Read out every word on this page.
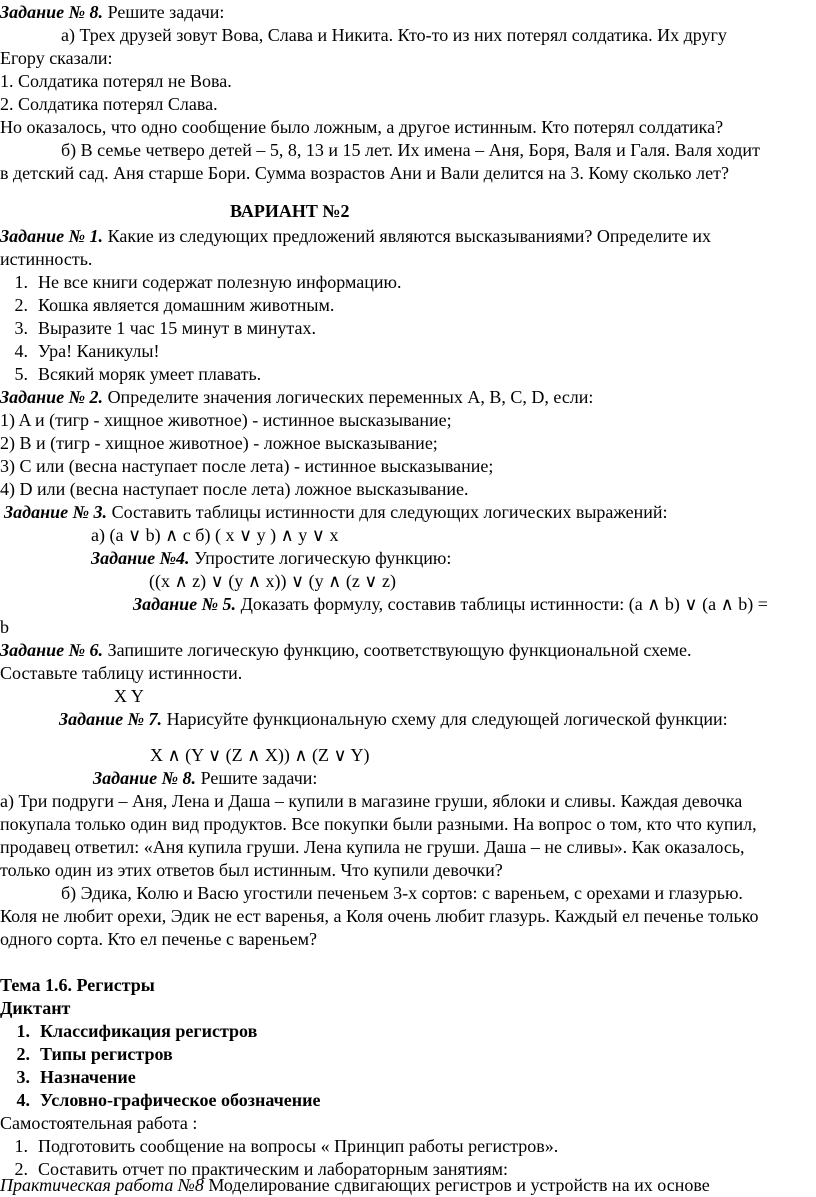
Задание № 8. Решите задачи:
а) Трех друзей зовут Вова, Слава и Никита. Кто-то из них потерял солдатика. Их другу
Егору сказали:
1. Солдатика потерял не Вова.
2. Солдатика потерял Слава.
Но оказалось, что одно сообщение было ложным, а другое истинным. Кто потерял солдатика?
б) В семье четверо детей – 5, 8, 13 и 15 лет. Их имена – Аня, Боря, Валя и Галя. Валя ходит
в детский сад. Аня старше Бори. Сумма возрастов Ани и Вали делится на 3. Кому сколько лет?
ВАРИАНТ №2
Задание № 1. Какие из следующих предложений являются высказываниями? Определите их
истинность.
1. Не все книги содержат полезную информацию.
2. Кошка является домашним животным.
3. Выразите 1 час 15 минут в минутах.
4. Ура! Каникулы!
5. Всякий моряк умеет плавать.
Задание № 2. Определите значения логических переменных A, B, C, D, если:
1) A и (тигр - хищное животное) - истинное высказывание;
2) B и (тигр - хищное животное) - ложное высказывание;
3) C или (весна наступает после лета) - истинное высказывание;
4) D или (весна наступает после лета) ложное высказывание.
Задание № 3. Составить таблицы истинности для следующих логических выражений:
а) (a ∨ b) ∧ c б) ( x ∨ y ) ∧ y ∨ x
Задание №4. Упростите логическую функцию:
((x ∧ z) ∨ (y ∧ x)) ∨ (y ∧ (z ∨ z)
Задание № 5. Доказать формулу, составив таблицы истинности: (a ∧ b) ∨ (a ∧ b) =
b
Задание № 6. Запишите логическую функцию, соответствующую функциональной схеме.
Составьте таблицу истинности.
X Y
Задание № 7. Нарисуйте функциональную схему для следующей логической функции:
X ∧ (Y ∨ (Z ∧ X)) ∧ (Z ∨ Y)
Задание № 8. Решите задачи:
а) Три подруги – Аня, Лена и Даша – купили в магазине груши, яблоки и сливы. Каждая девочка
покупала только один вид продуктов. Все покупки были разными. На вопрос о том, кто что купил,
продавец ответил: «Аня купила груши. Лена купила не груши. Даша – не сливы». Как оказалось,
только один из этих ответов был истинным. Что купили девочки?
б) Эдика, Колю и Васю угостили печеньем 3-х сортов: с вареньем, с орехами и глазурью.
Коля не любит орехи, Эдик не ест варенья, а Коля очень любит глазурь. Каждый ел печенье только
одного сорта. Кто ел печенье с вареньем?
Тема 1.6. Регистры
Диктант
1. Классификация регистров
2. Типы регистров
3. Назначение
4. Условно-графическое обозначение
Самостоятельная работа :
1. Подготовить сообщение на вопросы « Принцип работы регистров».
2. Составить отчет по практическим и лабораторным занятиям:
Практическая работа №8 Моделирование сдвигающих регистров и устройств на их основе
